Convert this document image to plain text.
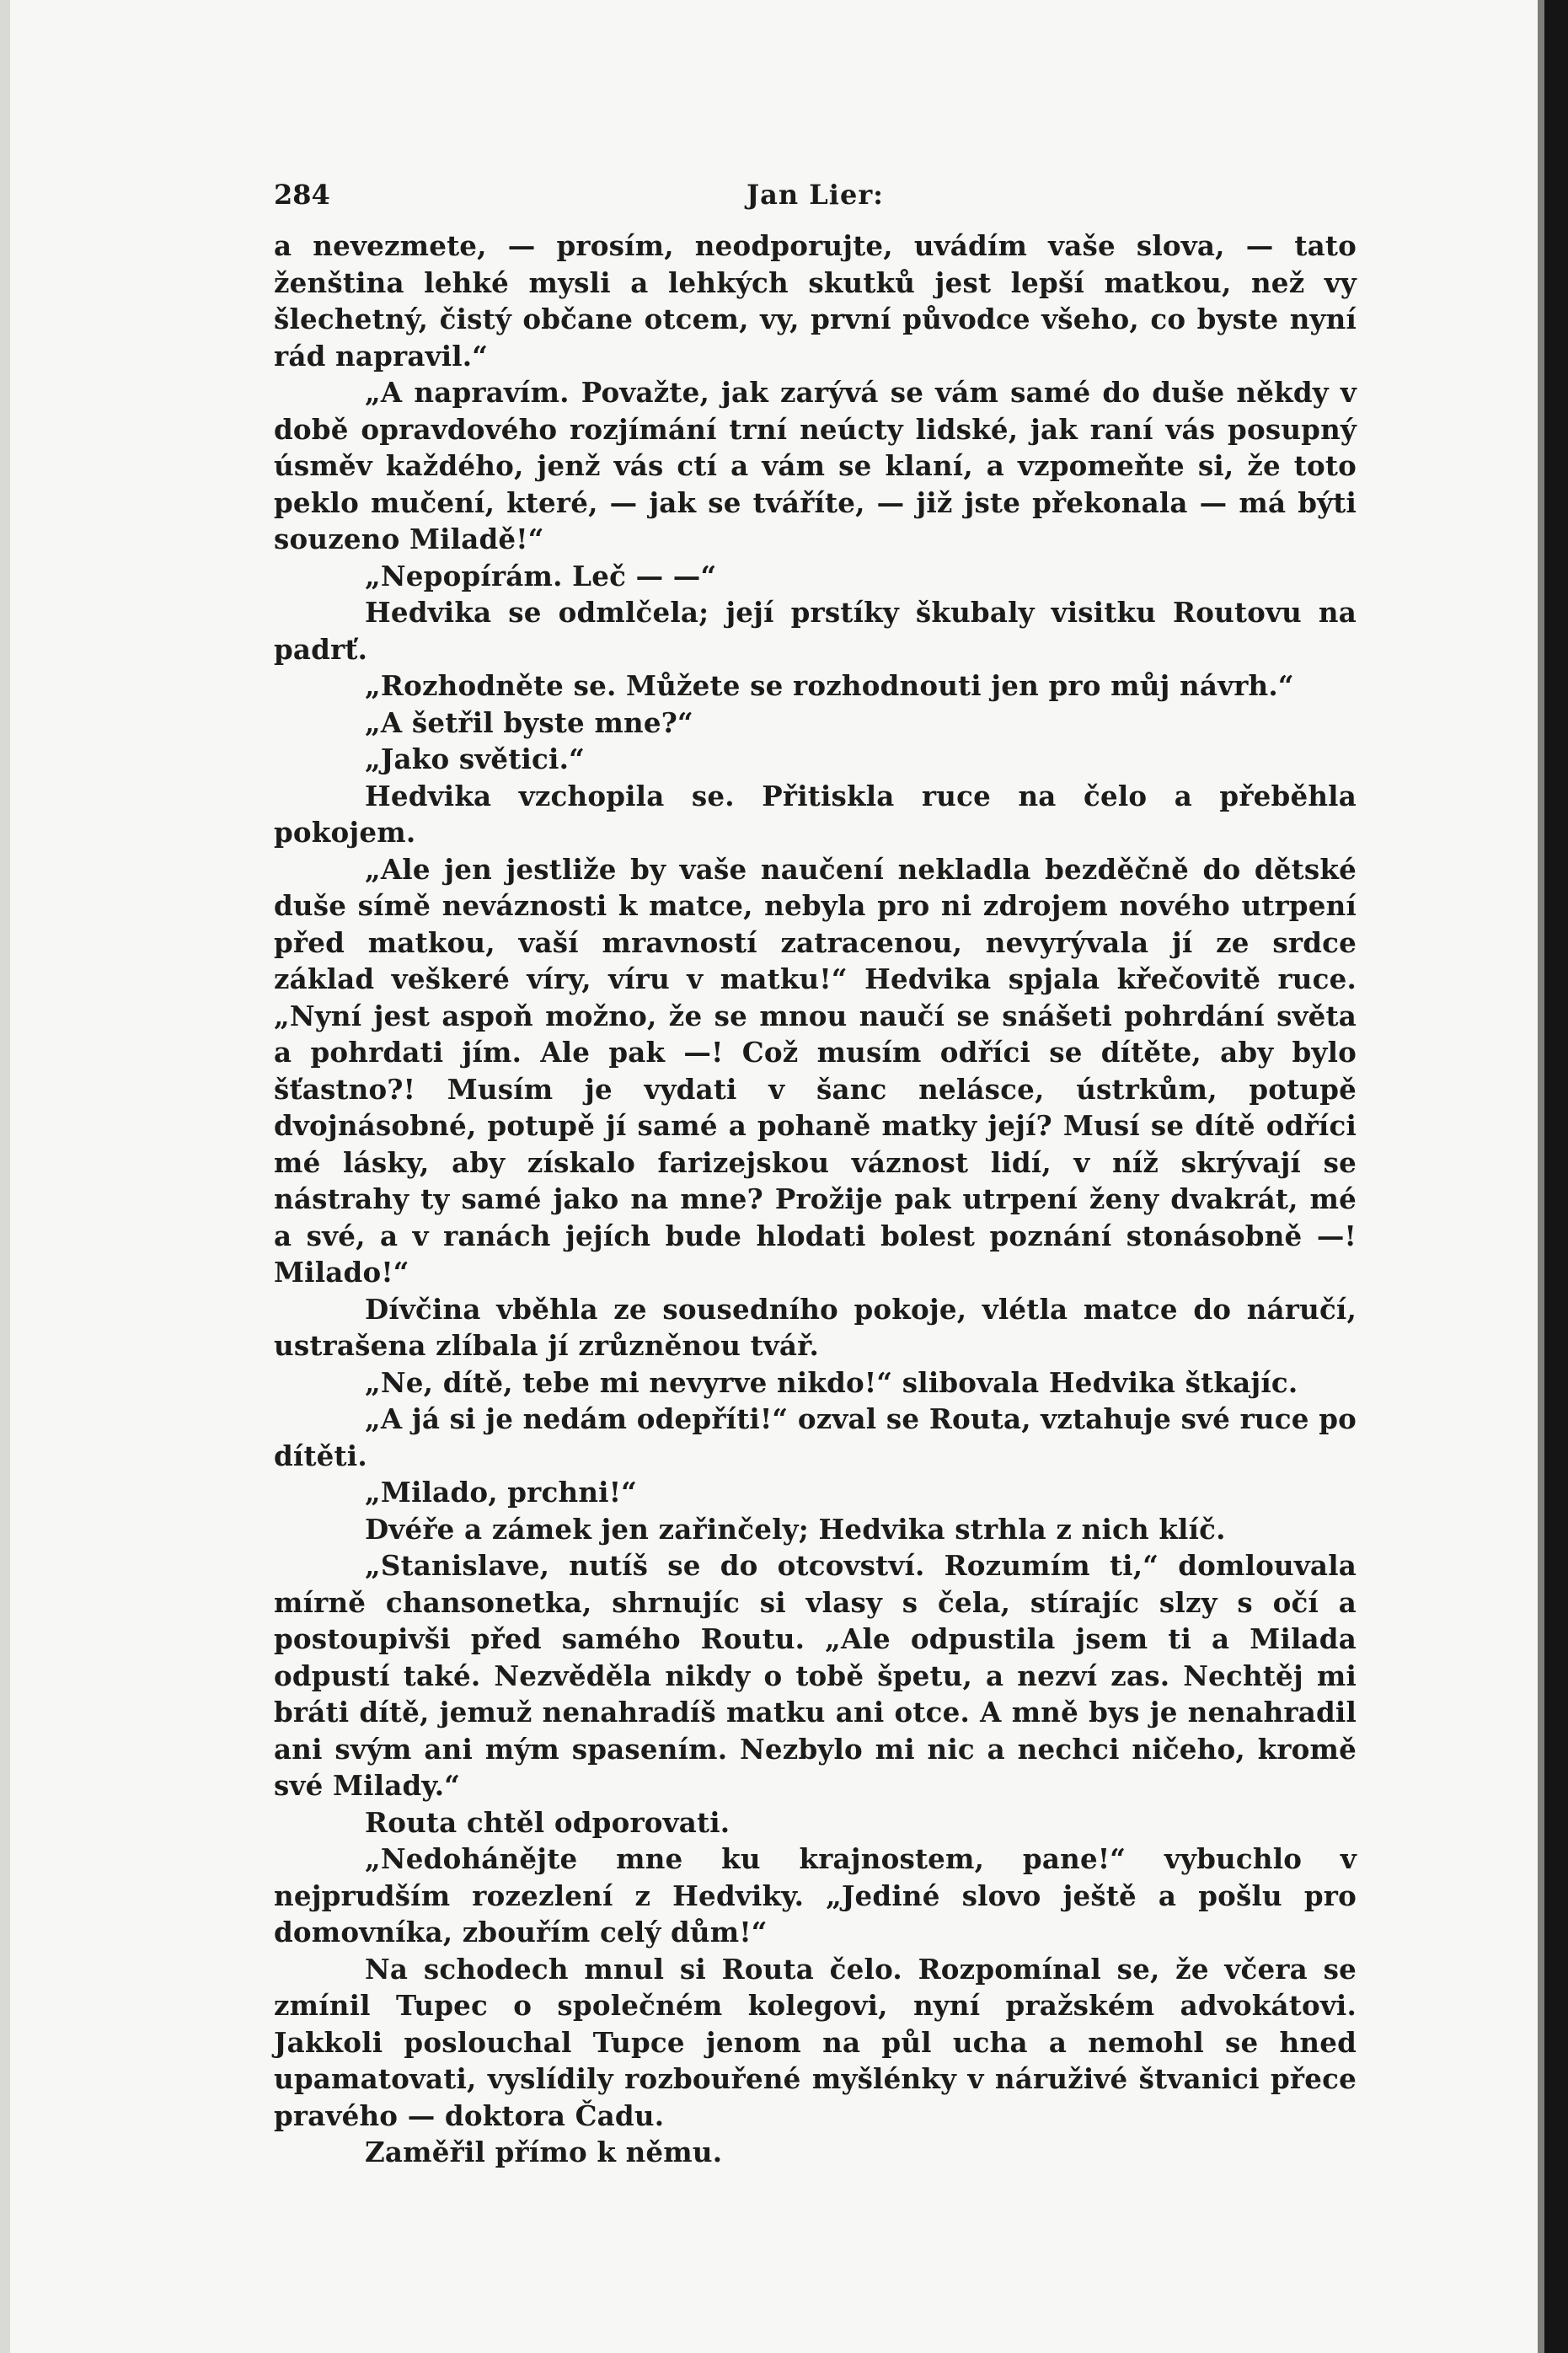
284	Jan Lier:

a nevezmete, — prosím, neodporujte, uvádím vaše slova, — tato ženština lehké mysli a lehkých skutků jest lepší matkou, než vy šlechetný, čistý občane otcem, vy, první původce všeho, co byste nyní rád napravil.“

„A napravím. Považte, jak zarývá se vám samé do duše někdy v době opravdového rozjímání trní neúcty lidské, jak raní vás posupný úsměv každého, jenž vás ctí a vám se klaní, a vzpomeňte si, že toto peklo mučení, které, — jak se tváříte, — již jste překonala — má býti souzeno Miladě!“

„Nepopírám. Leč — —“

Hedvika se odmlčela; její prstíky škubaly visitku Routovu na padrť.

„Rozhodněte se. Můžete se rozhodnouti jen pro můj návrh.“

„A šetřil byste mne?“

„Jako světici.“

Hedvika vzchopila se. Přitiskla ruce na čelo a přeběhla pokojem.

„Ale jen jestliže by vaše naučení nekladla bezděčně do dětské duše símě neváznosti k matce, nebyla pro ni zdrojem nového utrpení před matkou, vaší mravností zatracenou, nevyrývala jí ze srdce základ veškeré víry, víru v matku!“ Hedvika spjala křečovitě ruce. „Nyní jest aspoň možno, že se mnou naučí se snášeti pohrdání světa a pohrdati jím. Ale pak —! Což musím odříci se dítěte, aby bylo šťastno?! Musím je vydati v šanc nelásce, ústrkům, potupě dvojnásobné, potupě jí samé a pohaně matky její? Musí se dítě odříci mé lásky, aby získalo farizejskou váznost lidí, v níž skrývají se nástrahy ty samé jako na mne? Prožije pak utrpení ženy dvakrát, mé a své, a v ranách jejích bude hlodati bolest poznání stonásobně —! Milado!“

Dívčina vběhla ze sousedního pokoje, vlétla matce do náručí, ustrašena zlíbala jí zrůzněnou tvář.

„Ne, dítě, tebe mi nevyrve nikdo!“ slibovala Hedvika štkajíc.

„A já si je nedám odepříti!“ ozval se Routa, vztahuje své ruce po dítěti.

„Milado, prchni!“

Dvéře a zámek jen zařinčely; Hedvika strhla z nich klíč.

„Stanislave, nutíš se do otcovství. Rozumím ti,“ domlouvala mírně chansonetka, shrnujíc si vlasy s čela, stírajíc slzy s očí a postoupivši před samého Routu. „Ale odpustila jsem ti a Milada odpustí také. Nezvěděla nikdy o tobě špetu, a nezví zas. Nechtěj mi bráti dítě, jemuž nenahradíš matku ani otce. A mně bys je nenahradil ani svým ani mým spasením. Nezbylo mi nic a nechci ničeho, kromě své Milady.“

Routa chtěl odporovati.

„Nedohánějte mne ku krajnostem, pane!“ vybuchlo v nejprudším rozezlení z Hedviky. „Jediné slovo ještě a pošlu pro domovníka, zbouřím celý dům!“

Na schodech mnul si Routa čelo. Rozpomínal se, že včera se zmínil Tupec o společném kolegovi, nyní pražském advokátovi. Jakkoli poslouchal Tupce jenom na půl ucha a nemohl se hned upamatovati, vyslídily rozbouřené myšlénky v náruživé štvanici přece pravého — doktora Čadu.

Zaměřil přímo k němu.
